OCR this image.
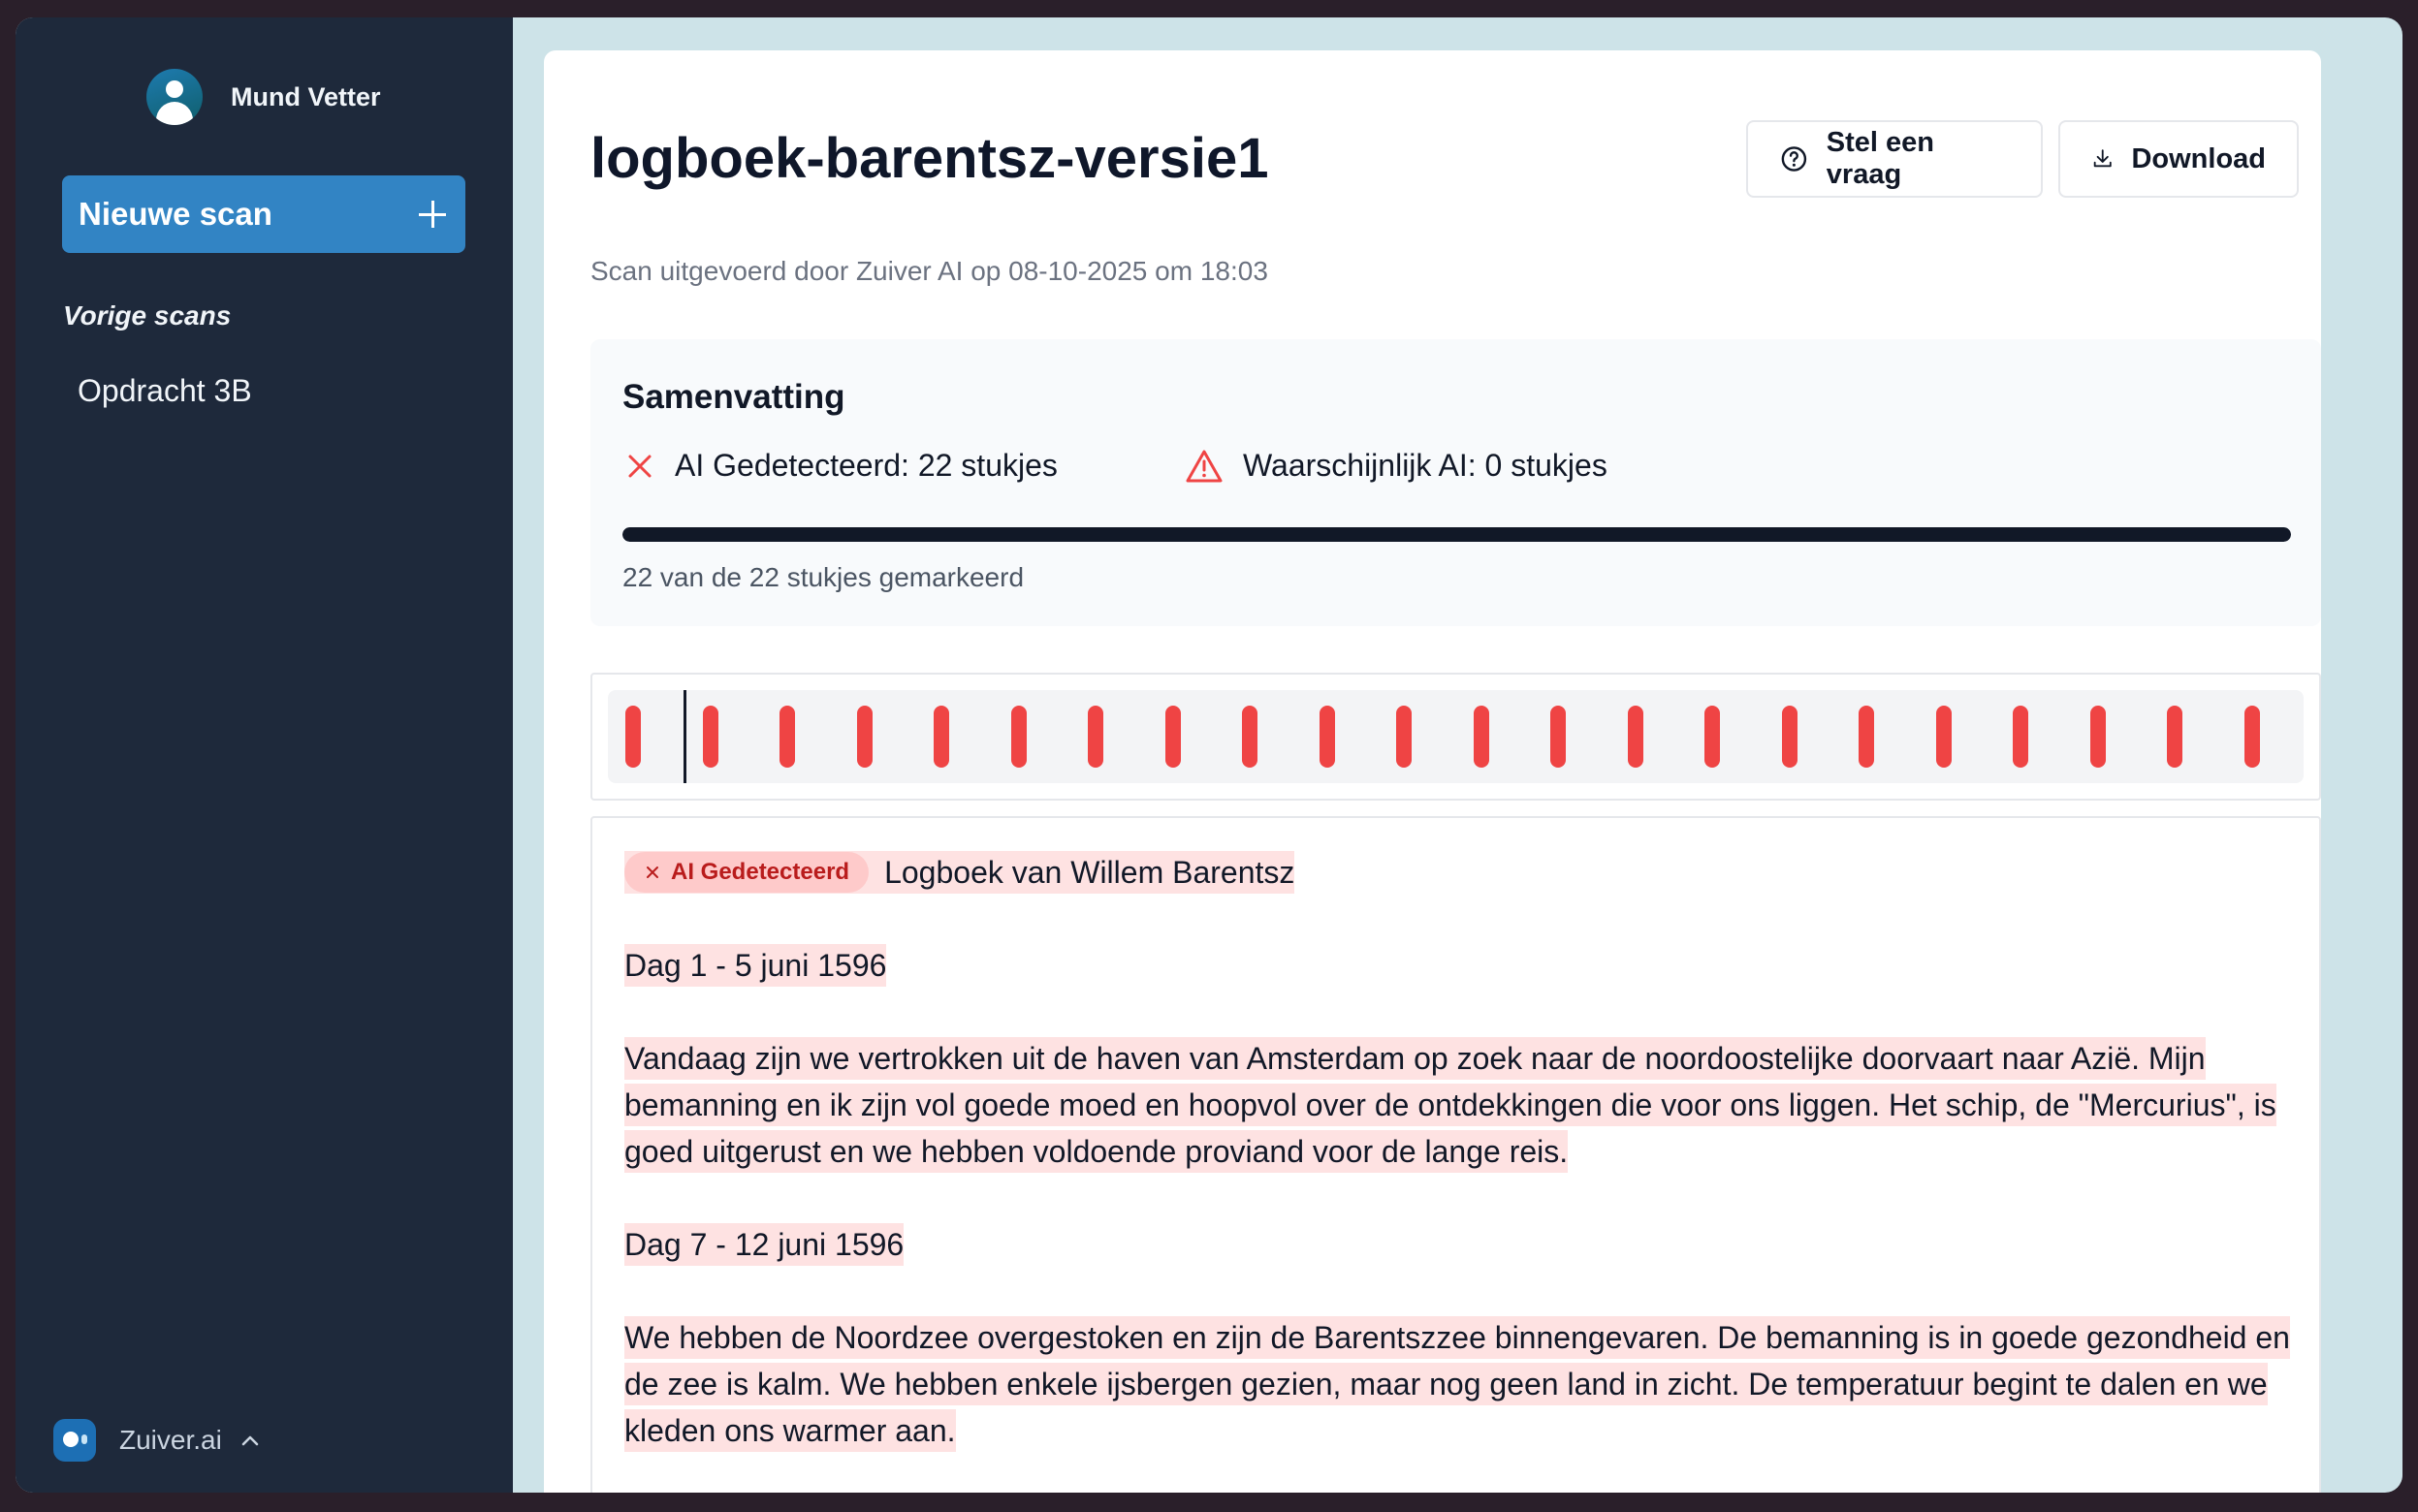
Mund Vetter
Nieuwe scan
Vorige scans
Opdracht 3B
Zuiver.ai
logboek-barentsz-versie1	Stel een vraag
Download
Scan uitgevoerd door Zuiver AI op 08-10-2025 om 18:03
Samenvatting
AI Gedetecteerd: 22 stukjes	Waarschijnlijk AI: 0 stukjes
22 van de 22 stukjes gemarkeerd
AI Gedetecteerd Logboek van Willem Barentsz
Dag 1 - 5 juni 1596
Vandaag zijn we vertrokken uit de haven van Amsterdam op zoek naar de noordoostelijke doorvaart naar Azië. Mijn bemanning en ik zijn vol goede moed en hoopvol over de ontdekkingen die voor ons liggen. Het schip, de "Mercurius", is goed uitgerust en we hebben voldoende proviand voor de lange reis.
Dag 7 - 12 juni 1596
We hebben de Noordzee overgestoken en zijn de Barentszzee binnengevaren. De bemanning is in goede gezondheid en de zee is kalm. We hebben enkele ijsbergen gezien, maar nog geen land in zicht. De temperatuur begint te dalen en we kleden ons warmer aan.
